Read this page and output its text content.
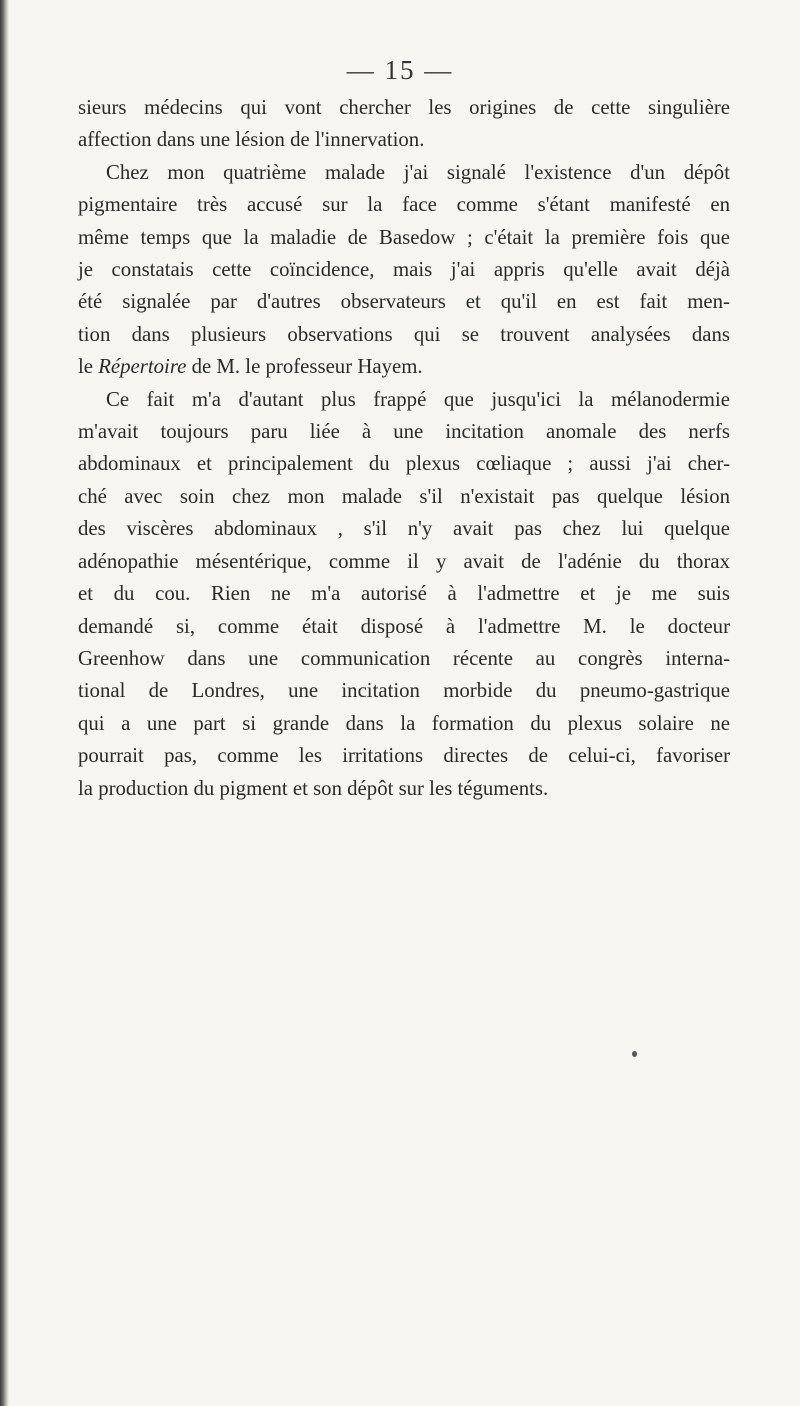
— 15 —

sieurs médecins qui vont chercher les origines de cette singulière
affection dans une lésion de l'innervation.
Chez mon quatrième malade j'ai signalé l'existence d'un dépôt
pigmentaire très accusé sur la face comme s'étant manifesté en
même temps que la maladie de Basedow ; c'était la première fois que
je constatais cette coïncidence, mais j'ai appris qu'elle avait déjà
été signalée par d'autres observateurs et qu'il en est fait men-
tion dans plusieurs observations qui se trouvent analysées dans
le Répertoire de M. le professeur Hayem.
Ce fait m'a d'autant plus frappé que jusqu'ici la mélanodermie
m'avait toujours paru liée à une incitation anomale des nerfs
abdominaux et principalement du plexus cœliaque ; aussi j'ai cher-
ché avec soin chez mon malade s'il n'existait pas quelque lésion
des viscères abdominaux , s'il n'y avait pas chez lui quelque
adénopathie mésentérique, comme il y avait de l'adénie du thorax
et du cou. Rien ne m'a autorisé à l'admettre et je me suis
demandé si, comme était disposé à l'admettre M. le docteur
Greenhow dans une communication récente au congrès interna-
tional de Londres, une incitation morbide du pneumo-gastrique
qui a une part si grande dans la formation du plexus solaire ne
pourrait pas, comme les irritations directes de celui-ci, favoriser
la production du pigment et son dépôt sur les téguments.
